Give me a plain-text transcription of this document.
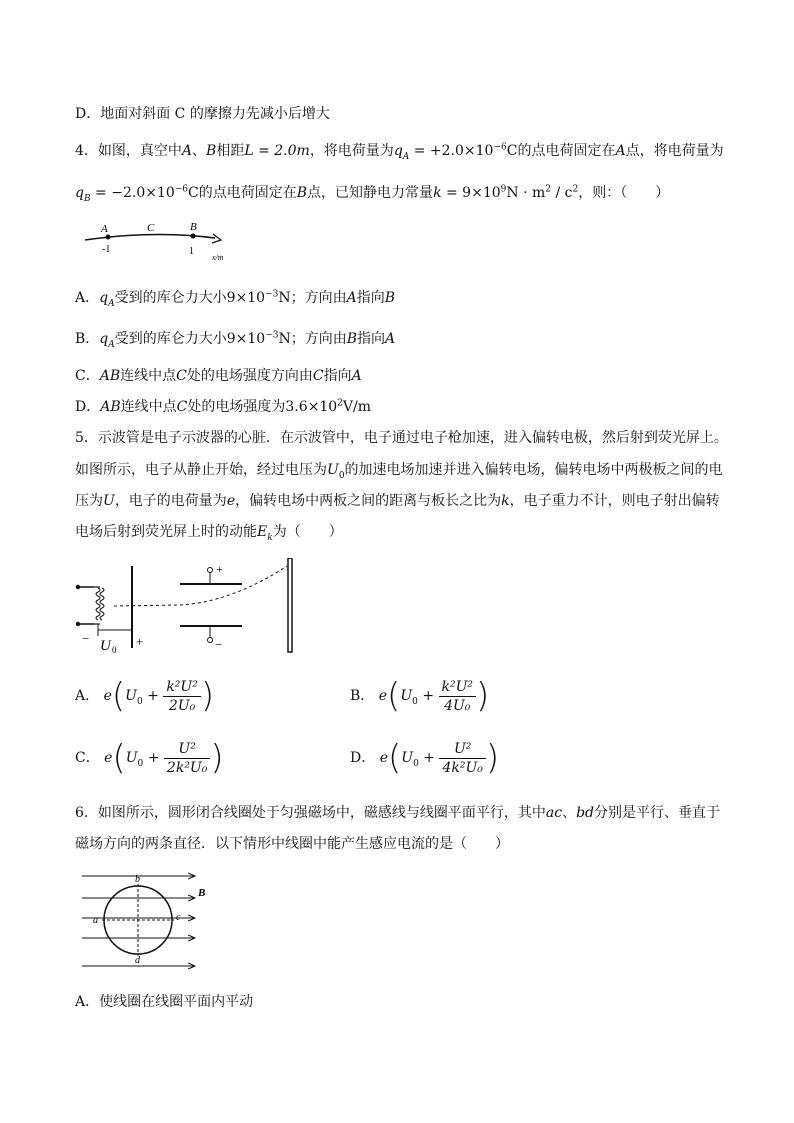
D．地面对斜面 C 的摩擦力先减小后增大
4．如图，真空中A、B相距L = 2.0m，将电荷量为$q_A = +2.0\times 10^{-6}C$的点电荷固定在A点，将电荷量为
$q_B = -2.0\times 10^{-6}C$的点电荷固定在B点，已知静电力常量$k = 9\times 10^9N \cdot m^2 / c^2$，则：（　　）
A	C	B
-1	1
x/m
A．$q_A$受到的库仑力大小$9\times 10^{-3}N$；方向由A指向B
B．$q_A$受到的库仑力大小$9\times 10^{-3}N$；方向由B指向A
C．AB连线中点C处的电场强度方向由C指向A
D．AB连线中点C处的电场强度为$3.6\times 10^2V/m$
5．示波管是电子示波器的心脏．在示波管中，电子通过电子枪加速，进入偏转电极，然后射到荧光屏上。
如图所示，电子从静止开始，经过电压为$U_0$的加速电场加速并进入偏转电场，偏转电场中两极板之间的电
压为U，电子的电荷量为e，偏转电场中两板之间的距离与板长之比为k，电子重力不计，则电子射出偏转
电场后射到荧光屏上时的动能$E_k$为（　　）
− U 0
+
+
−
A． $e(U_0 + \frac{\text{k²U²}}{\text{2U₀}}$ )	B． $e(U_0 + \frac{\text{k²U²}}{\text{4U₀}}$ )
C． $e(U_0 + \frac{\text{U²}}{\text{2k²U₀}}$ )	D． $e(U_0 + \frac{\text{U²}}{\text{4k²U₀}}$ )
6．如图所示，圆形闭合线圈处于匀强磁场中，磁感线与线圈平面平行，其中ac、bd分别是平行、垂直于
磁场方向的两条直径．以下情形中线圈中能产生感应电流的是（　　）
b
a	c
d
B
A．使线圈在线圈平面内平动
